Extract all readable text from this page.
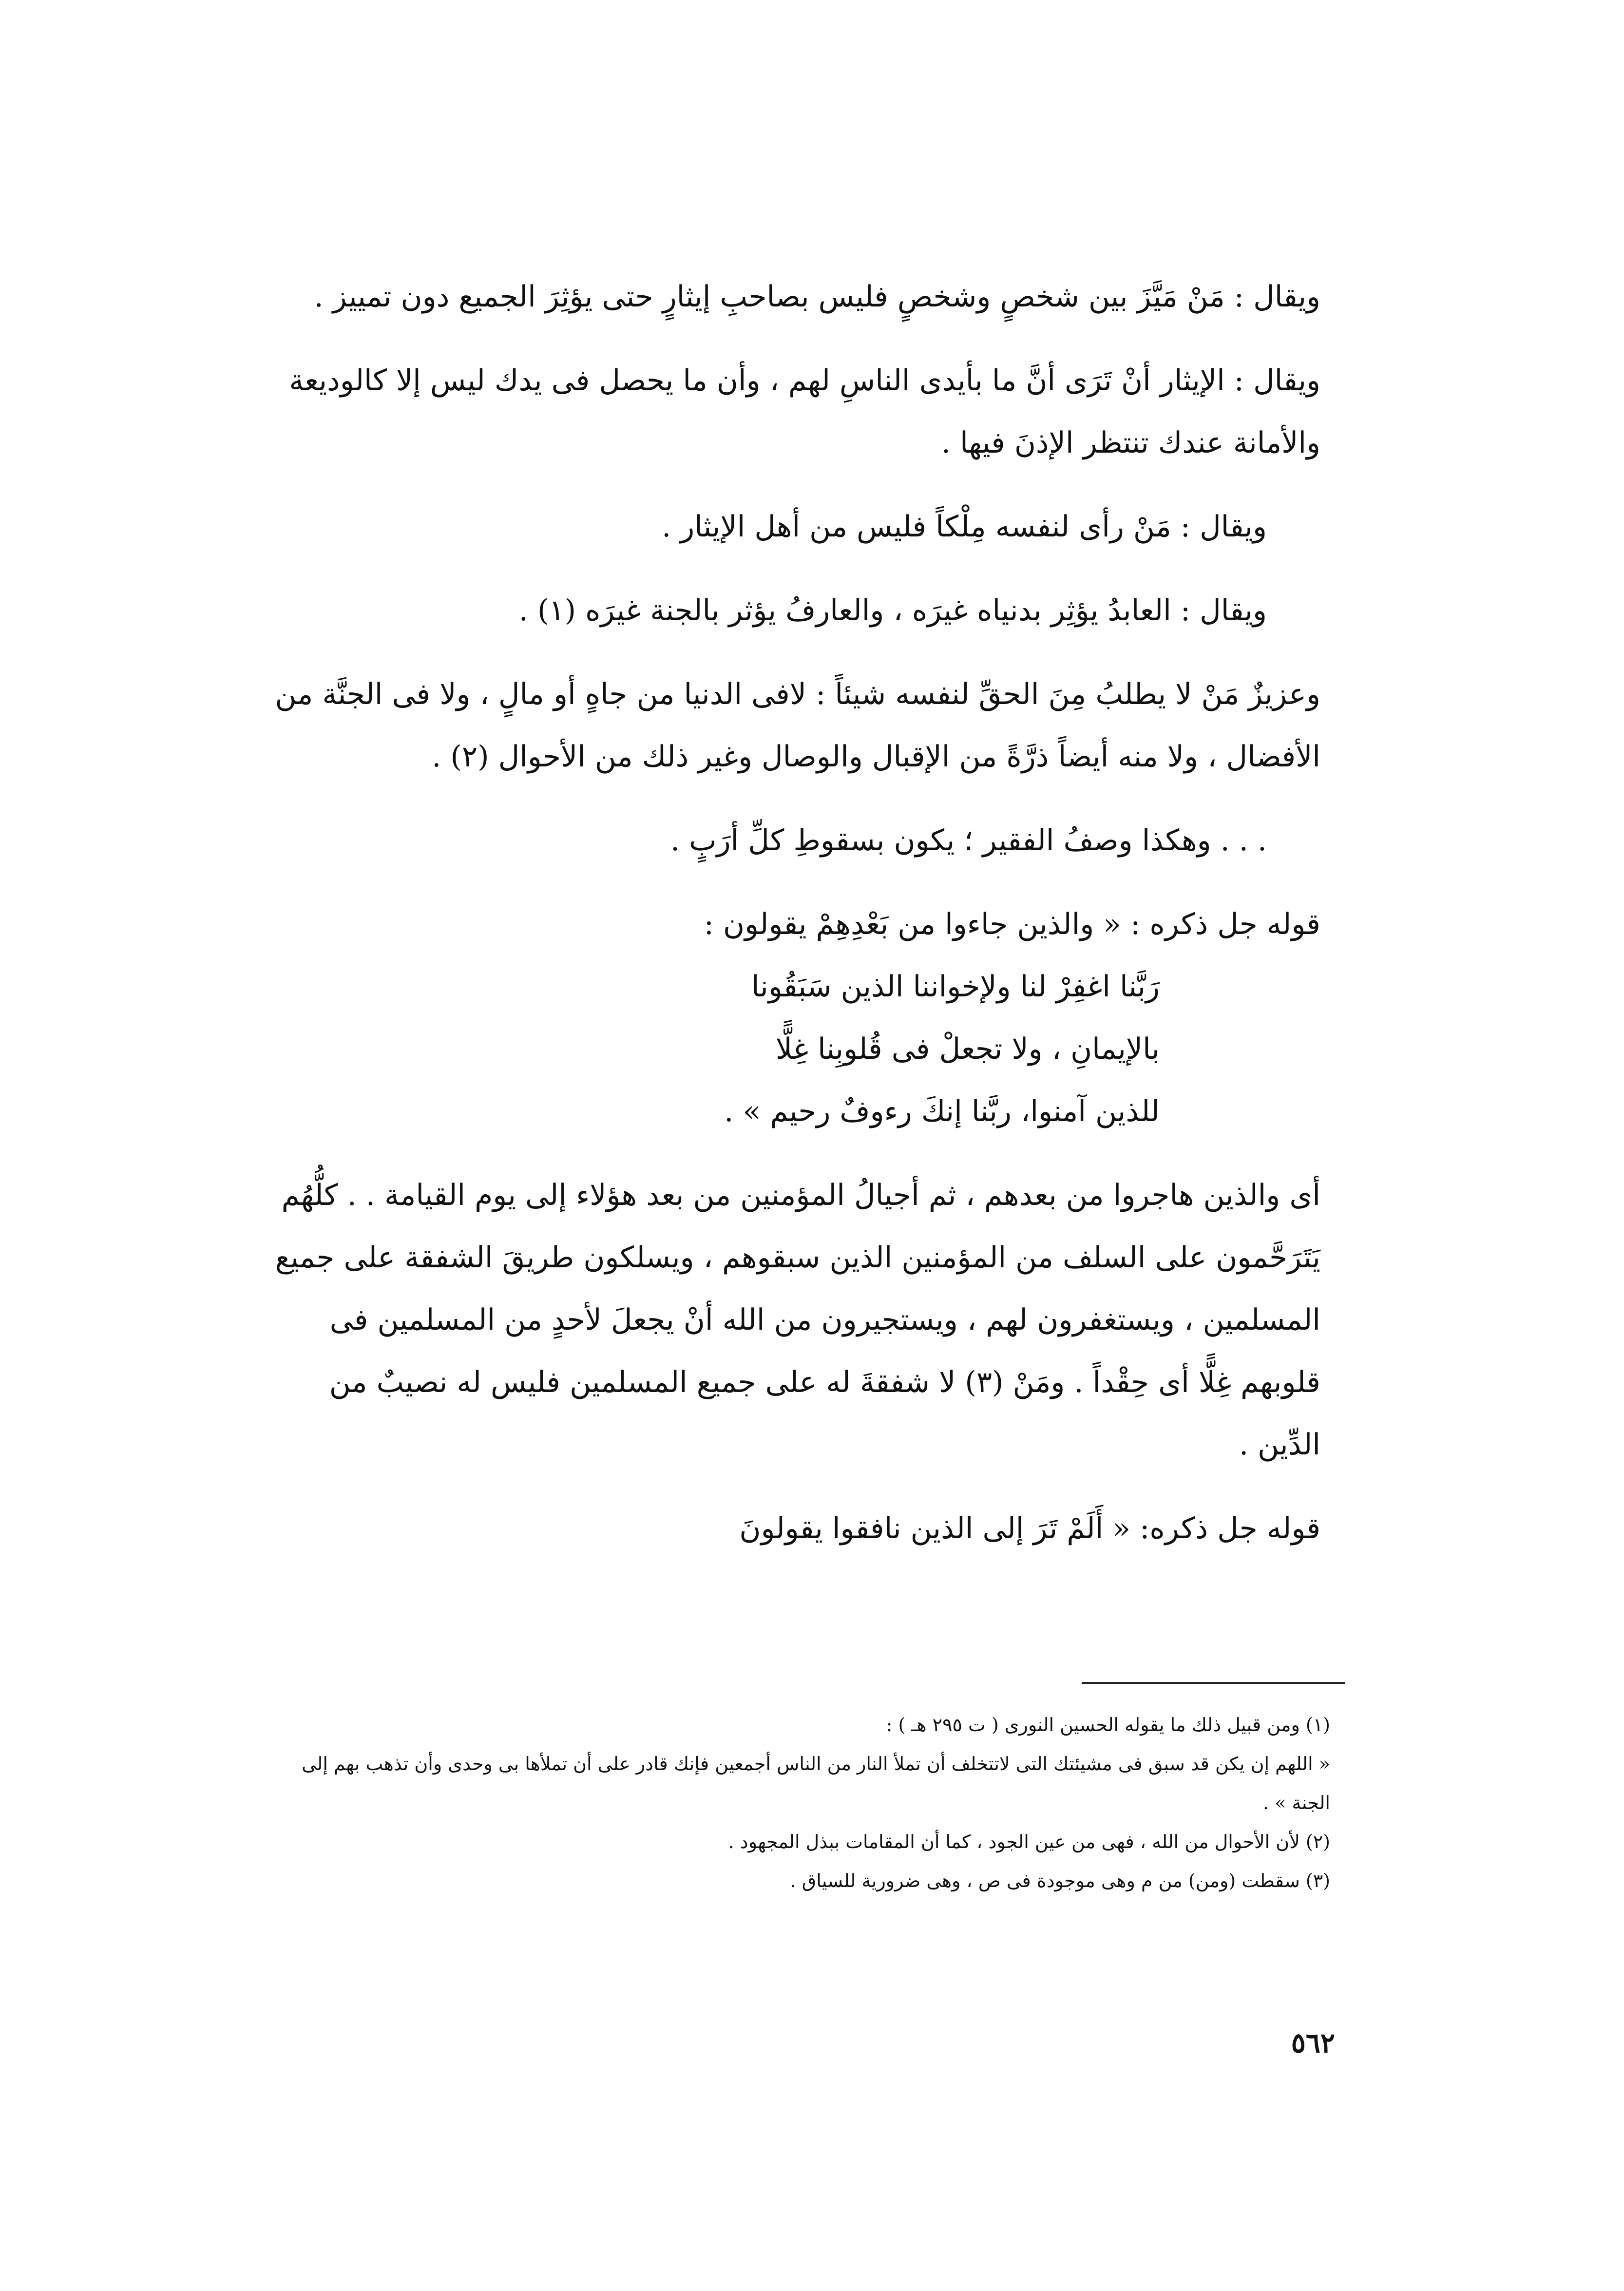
ويقال : مَنْ مَيَّزَ بين شخصٍ وشخصٍ فليس بصاحبِ إيثارٍ حتى يؤثِرَ الجميع دون تمييز .

ويقال : الإيثار أنْ تَرَى أنَّ ما بأيدى الناسِ لهم ، وأن ما يحصل فى يدك ليس إلا كالوديعة والأمانة عندك تنتظر الإذنَ فيها .

ويقال : مَنْ رأى لنفسه مِلْكاً فليس من أهل الإيثار .

ويقال : العابدُ يؤثِر بدنياه غيرَه ، والعارفُ يؤثر بالجنة غيرَه (١) .

وعزيزٌ مَنْ لا يطلبُ مِنَ الحقِّ لنفسه شيئاً : لافى الدنيا من جاهٍ أو مالٍ ، ولا فى الجنَّة من الأفضال ، ولا منه أيضاً ذرَّةً من الإقبال والوصال وغير ذلك من الأحوال (٢) .

. . . وهكذا وصفُ الفقير ؛ يكون بسقوطِ كلِّ أرَبٍ .

قوله جل ذكره : « والذين جاءوا من بَعْدِهِمْ يقولون :

رَبَّنا اغفِرْ لنا ولإخواننا الذين سَبَقُونا

بالإيمانِ ، ولا تجعلْ فى قُلوبِنا غِلًّا

للذين آمنوا، ربَّنا إنكَ رءوفٌ رحيم » .

أى والذين هاجروا من بعدهم ، ثم أجيالُ المؤمنين من بعد هؤلاء إلى يوم القيامة . . كلُّهُم يَتَرَحَّمون على السلف من المؤمنين الذين سبقوهم ، ويسلكون طريقَ الشفقة على جميع المسلمين ، ويستغفرون لهم ، ويستجيرون من الله أنْ يجعلَ لأحدٍ من المسلمين فى قلوبهم غِلًّا أى حِقْداً . ومَنْ (٣) لا شفقةَ له على جميع المسلمين فليس له نصيبٌ من الدِّين .

قوله جل ذكره: « أَلَمْ تَرَ إلى الذين نافقوا يقولونَ

(١) ومن قبيل ذلك ما يقوله الحسين النورى ( ت ٢٩٥ هـ ) :

« اللهم إن يكن قد سبق فى مشيئتك التى لاتتخلف أن تملأ النار من الناس أجمعين فإنك قادر على أن تملأها بى وحدى وأن تذهب بهم إلى الجنة » .

(٢) لأن الأحوال من الله ، فهى من عين الجود ، كما أن المقامات ببذل المجهود .

(٣) سقطت (ومن) من م وهى موجودة فى ص ، وهى ضرورية للسياق .

٥٦٢
